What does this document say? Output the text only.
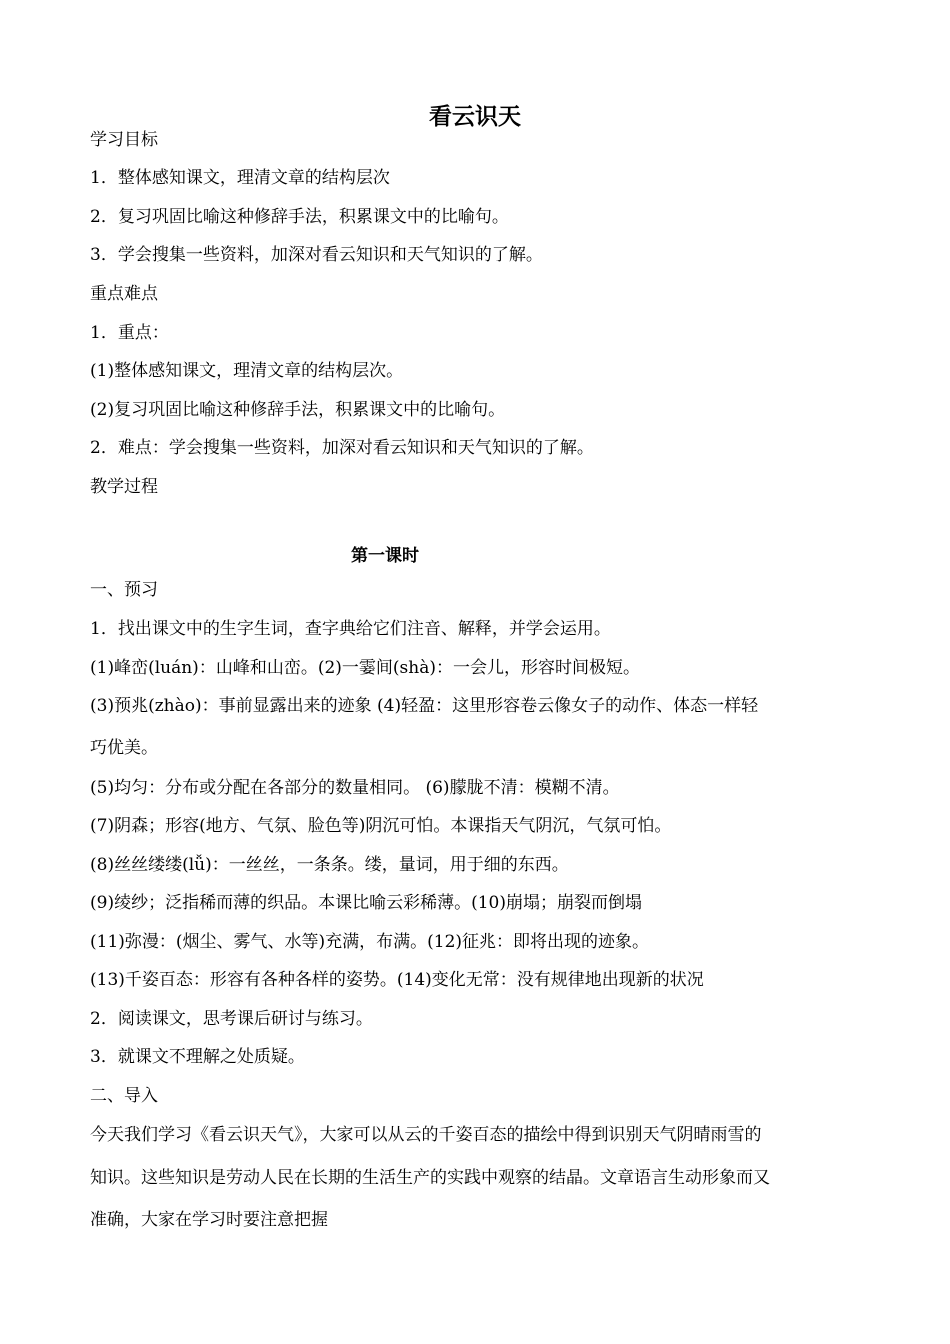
看云识天
学习目标
1．整体感知课文，理清文章的结构层次
2．复习巩固比喻这种修辞手法，积累课文中的比喻句。
3．学会搜集一些资料，加深对看云知识和天气知识的了解。
重点难点
1．重点：
(1)整体感知课文，理清文章的结构层次。
(2)复习巩固比喻这种修辞手法，积累课文中的比喻句。
2．难点：学会搜集一些资料，加深对看云知识和天气知识的了解。
教学过程
第一课时
一、预习
1．找出课文中的生字生词，查字典给它们注音、解释，并学会运用。
(1)峰峦(luán)：山峰和山峦。(2)一霎间(shà)：一会儿，形容时间极短。
(3)预兆(zhào)：事前显露出来的迹象 (4)轻盈：这里形容卷云像女子的动作、体态一样轻
巧优美。
(5)均匀：分布或分配在各部分的数量相同。 (6)朦胧不清：模糊不清。
(7)阴森；形容(地方、气氛、脸色等)阴沉可怕。本课指天气阴沉，气氛可怕。
(8)丝丝缕缕(lǚ)：一丝丝，一条条。缕，量词，用于细的东西。
(9)绫纱；泛指稀而薄的织品。本课比喻云彩稀薄。(10)崩塌；崩裂而倒塌
(11)弥漫：(烟尘、雾气、水等)充满，布满。(12)征兆：即将出现的迹象。
(13)千姿百态：形容有各种各样的姿势。(14)变化无常：没有规律地出现新的状况
2．阅读课文，思考课后研讨与练习。
3．就课文不理解之处质疑。
二、导入
今天我们学习《看云识天气》，大家可以从云的千姿百态的描绘中得到识别天气阴晴雨雪的
知识。这些知识是劳动人民在长期的生活生产的实践中观察的结晶。文章语言生动形象而又
准确，大家在学习时要注意把握
